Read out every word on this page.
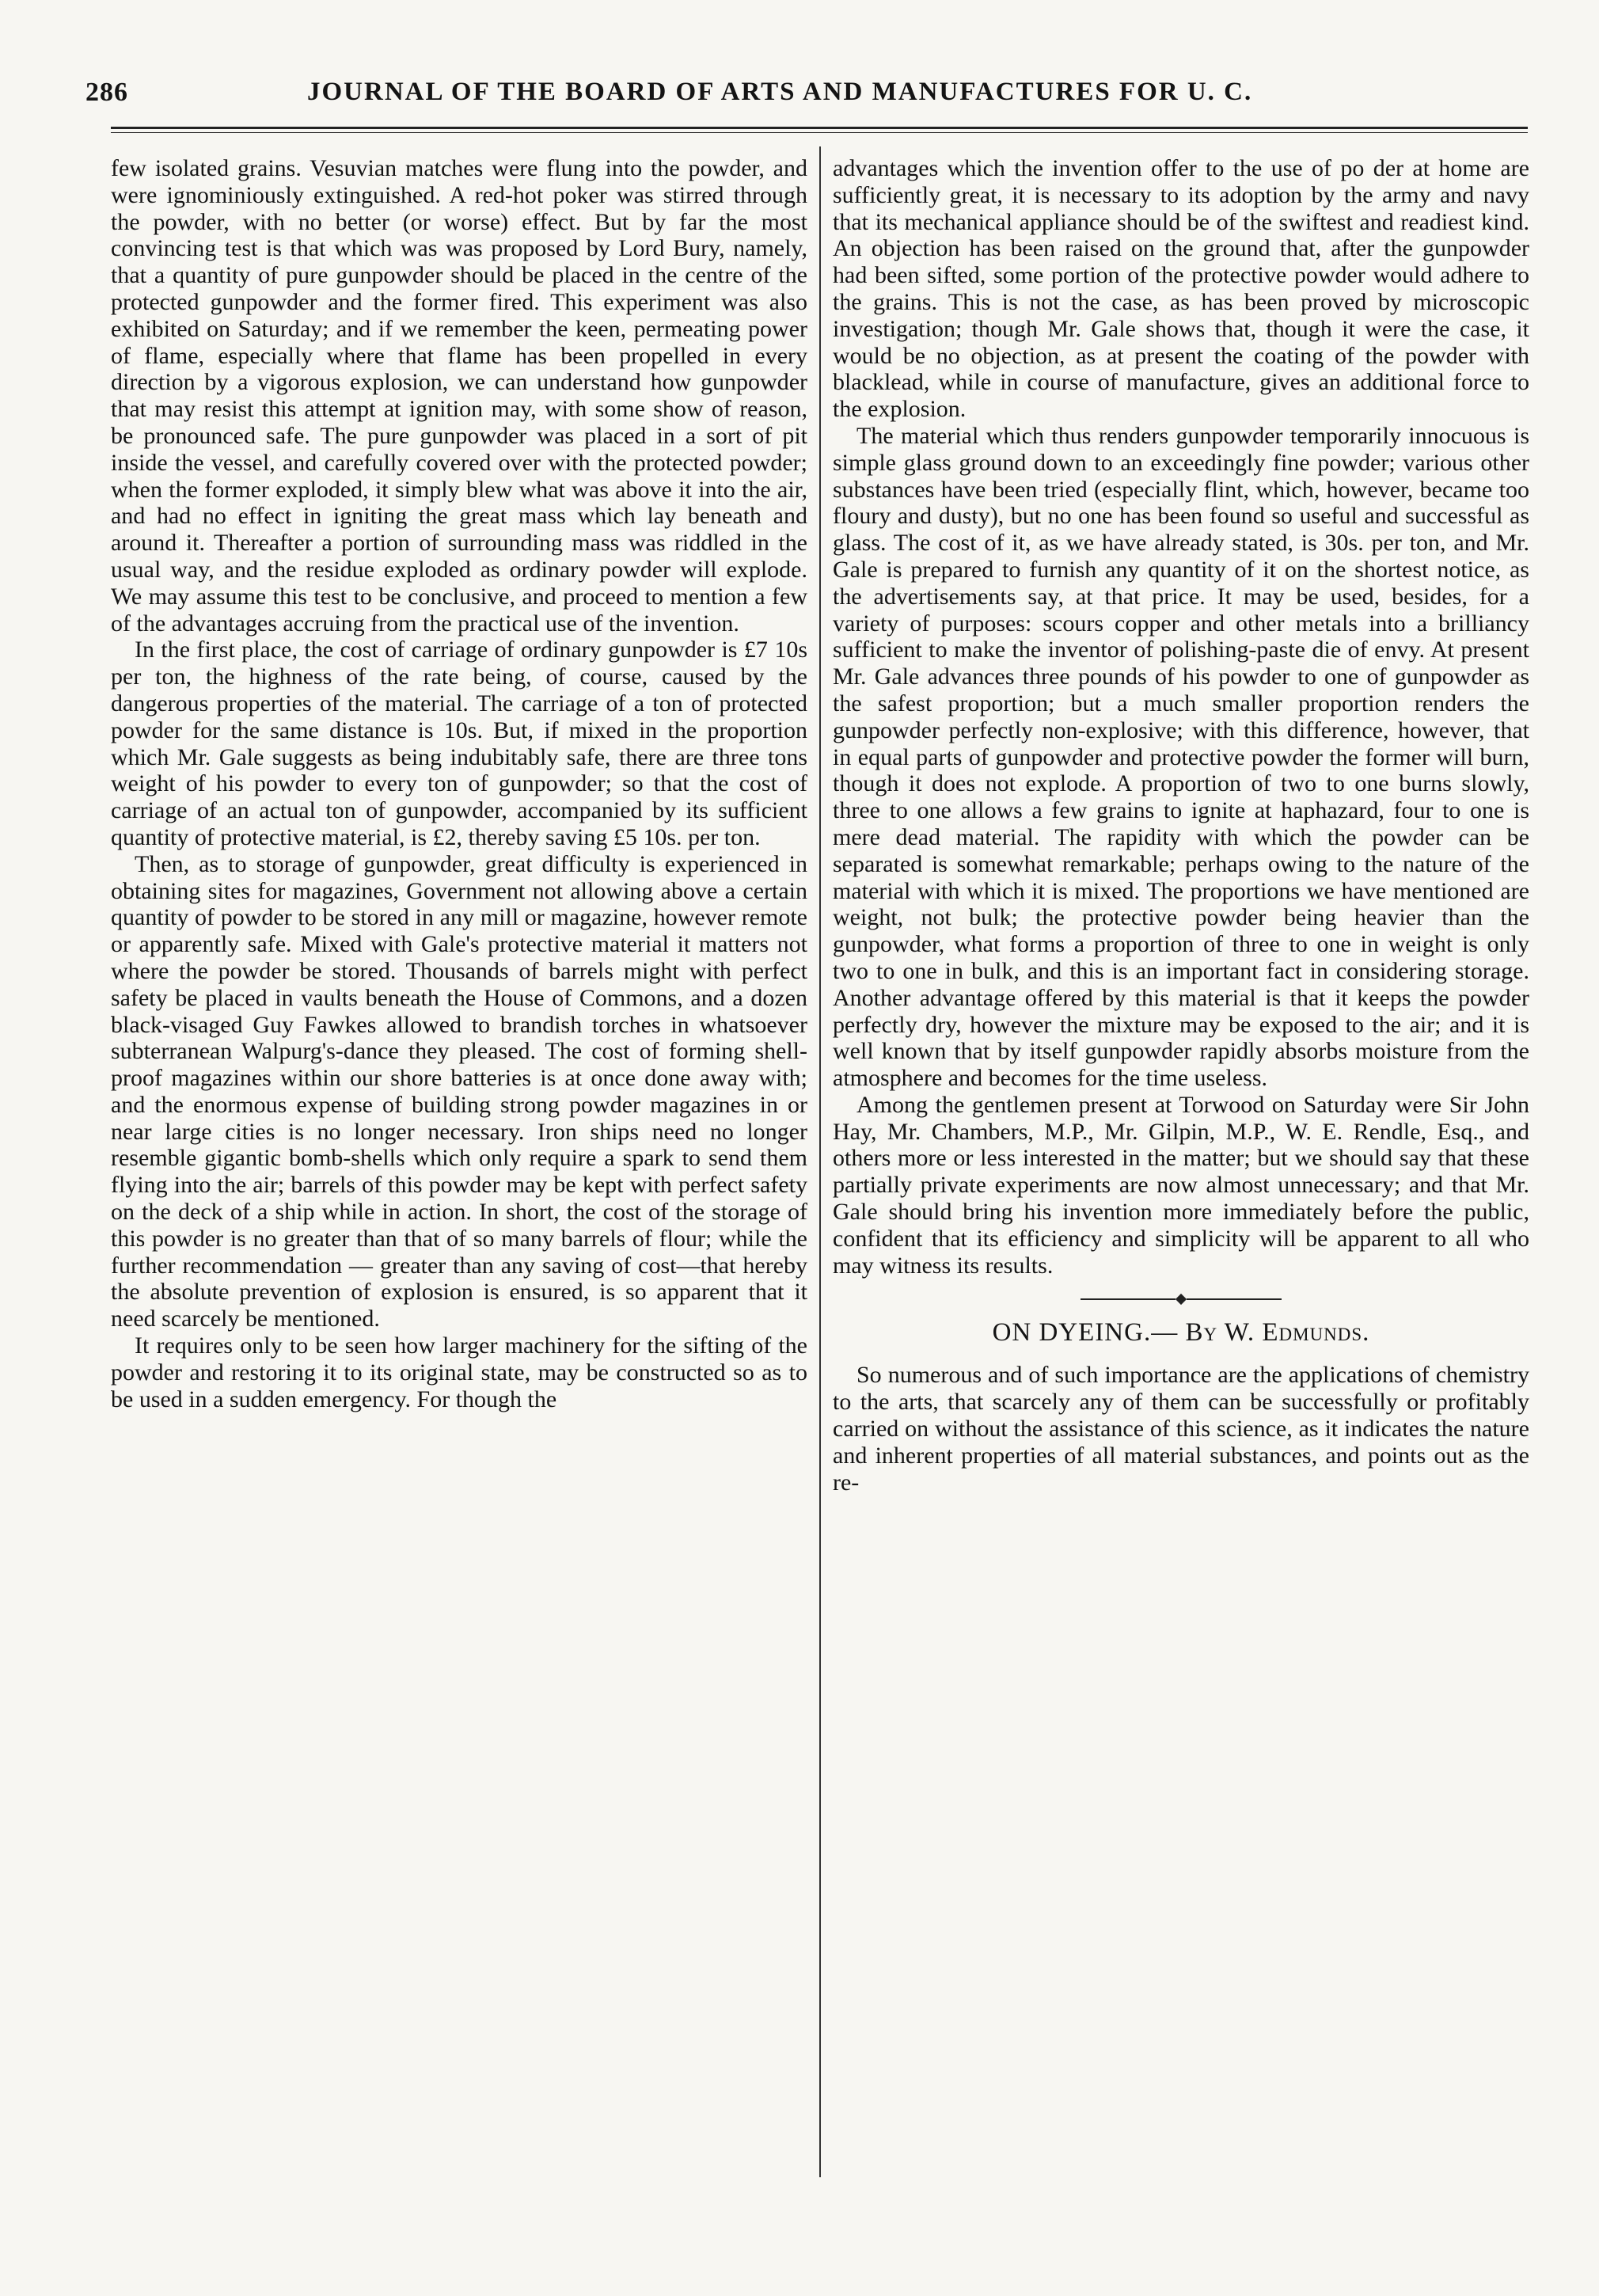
286	JOURNAL OF THE BOARD OF ARTS AND MANUFACTURES FOR U. C.

few isolated grains. Vesuvian matches were flung into the powder, and were ignominiously extinguished. A red-hot poker was stirred through the powder, with no better (or worse) effect. But by far the most convincing test is that which was was proposed by Lord Bury, namely, that a quantity of pure gunpowder should be placed in the centre of the protected gunpowder and the former fired. This experiment was also exhibited on Saturday; and if we remember the keen, permeating power of flame, especially where that flame has been propelled in every direction by a vigorous explosion, we can understand how gunpowder that may resist this attempt at ignition may, with some show of reason, be pronounced safe. The pure gunpowder was placed in a sort of pit inside the vessel, and carefully covered over with the protected powder; when the former exploded, it simply blew what was above it into the air, and had no effect in igniting the great mass which lay beneath and around it. Thereafter a portion of surrounding mass was riddled in the usual way, and the residue exploded as ordinary powder will explode. We may assume this test to be conclusive, and proceed to mention a few of the advantages accruing from the practical use of the invention.

In the first place, the cost of carriage of ordinary gunpowder is £7 10s per ton, the highness of the rate being, of course, caused by the dangerous properties of the material. The carriage of a ton of protected powder for the same distance is 10s. But, if mixed in the proportion which Mr. Gale suggests as being indubitably safe, there are three tons weight of his powder to every ton of gunpowder; so that the cost of carriage of an actual ton of gunpowder, accompanied by its sufficient quantity of protective material, is £2, thereby saving £5 10s. per ton.

Then, as to storage of gunpowder, great difficulty is experienced in obtaining sites for magazines, Government not allowing above a certain quantity of powder to be stored in any mill or magazine, however remote or apparently safe. Mixed with Gale's protective material it matters not where the powder be stored. Thousands of barrels might with perfect safety be placed in vaults beneath the House of Commons, and a dozen black-visaged Guy Fawkes allowed to brandish torches in whatsoever subterranean Walpurg's-dance they pleased. The cost of forming shell-proof magazines within our shore batteries is at once done away with; and the enormous expense of building strong powder magazines in or near large cities is no longer necessary. Iron ships need no longer resemble gigantic bomb-shells which only require a spark to send them flying into the air; barrels of this powder may be kept with perfect safety on the deck of a ship while in action. In short, the cost of the storage of this powder is no greater than that of so many barrels of flour; while the further recommendation — greater than any saving of cost—that hereby the absolute prevention of explosion is ensured, is so apparent that it need scarcely be mentioned.

It requires only to be seen how larger machinery for the sifting of the powder and restoring it to its original state, may be constructed so as to be used in a sudden emergency. For though the

advantages which the invention offer to the use of po der at home are sufficiently great, it is necessary to its adoption by the army and navy that its mechanical appliance should be of the swiftest and readiest kind. An objection has been raised on the ground that, after the gunpowder had been sifted, some portion of the protective powder would adhere to the grains. This is not the case, as has been proved by microscopic investigation; though Mr. Gale shows that, though it were the case, it would be no objection, as at present the coating of the powder with blacklead, while in course of manufacture, gives an additional force to the explosion.

The material which thus renders gunpowder temporarily innocuous is simple glass ground down to an exceedingly fine powder; various other substances have been tried (especially flint, which, however, became too floury and dusty), but no one has been found so useful and successful as glass. The cost of it, as we have already stated, is 30s. per ton, and Mr. Gale is prepared to furnish any quantity of it on the shortest notice, as the advertisements say, at that price. It may be used, besides, for a variety of purposes: scours copper and other metals into a brilliancy sufficient to make the inventor of polishing-paste die of envy. At present Mr. Gale advances three pounds of his powder to one of gunpowder as the safest proportion; but a much smaller proportion renders the gunpowder perfectly non-explosive; with this difference, however, that in equal parts of gunpowder and protective powder the former will burn, though it does not explode. A proportion of two to one burns slowly, three to one allows a few grains to ignite at haphazard, four to one is mere dead material. The rapidity with which the powder can be separated is somewhat remarkable; perhaps owing to the nature of the material with which it is mixed. The proportions we have mentioned are weight, not bulk; the protective powder being heavier than the gunpowder, what forms a proportion of three to one in weight is only two to one in bulk, and this is an important fact in considering storage. Another advantage offered by this material is that it keeps the powder perfectly dry, however the mixture may be exposed to the air; and it is well known that by itself gunpowder rapidly absorbs moisture from the atmosphere and becomes for the time useless.

Among the gentlemen present at Torwood on Saturday were Sir John Hay, Mr. Chambers, M.P., Mr. Gilpin, M.P., W. E. Rendle, Esq., and others more or less interested in the matter; but we should say that these partially private experiments are now almost unnecessary; and that Mr. Gale should bring his invention more immediately before the public, confident that its efficiency and simplicity will be apparent to all who may witness its results.

ON DYEING.— By W. Edmunds.

So numerous and of such importance are the applications of chemistry to the arts, that scarcely any of them can be successfully or profitably carried on without the assistance of this science, as it indicates the nature and inherent properties of all material substances, and points out as the re-
